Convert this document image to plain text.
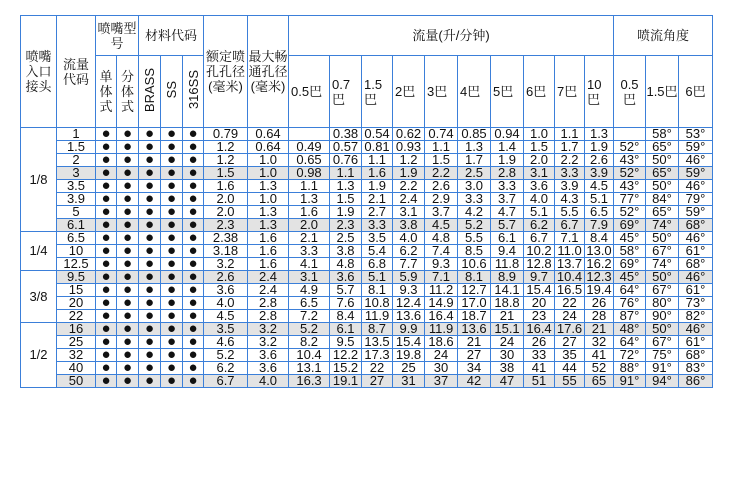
喷嘴入口接头	流量代码	喷嘴型号		材料代码			额定喷孔孔径(毫米)	最大畅通孔径(毫米)	流量(升/分钟)										喷流角度		
		单体式	分体式	BRASS	SS	316SS			0.5巴	0.7巴	1.5巴	2巴	3巴	4巴	5巴	6巴	7巴	10巴	0.5巴	1.5巴	6巴
1/8	1	●	●	●	●	●	0.79	0.64		0.38	0.54	0.62	0.74	0.85	0.94	1.0	1.1	1.3		58°	53°
	1.5	●	●	●	●	●	1.2	0.64	0.49	0.57	0.81	0.93	1.1	1.3	1.4	1.5	1.7	1.9	52°	65°	59°
	2	●	●	●	●	●	1.2	1.0	0.65	0.76	1.1	1.2	1.5	1.7	1.9	2.0	2.2	2.6	43°	50°	46°
	3	●	●	●	●	●	1.5	1.0	0.98	1.1	1.6	1.9	2.2	2.5	2.8	3.1	3.3	3.9	52°	65°	59°
	3.5	●	●	●	●	●	1.6	1.3	1.1	1.3	1.9	2.2	2.6	3.0	3.3	3.6	3.9	4.5	43°	50°	46°
	3.9	●	●	●	●	●	2.0	1.0	1.3	1.5	2.1	2.4	2.9	3.3	3.7	4.0	4.3	5.1	77°	84°	79°
	5	●	●	●	●	●	2.0	1.3	1.6	1.9	2.7	3.1	3.7	4.2	4.7	5.1	5.5	6.5	52°	65°	59°
	6.1	●	●	●	●	●	2.3	1.3	2.0	2.3	3.3	3.8	4.5	5.2	5.7	6.2	6.7	7.9	69°	74°	68°
1/4	6.5	●	●	●	●	●	2.38	1.6	2.1	2.5	3.5	4.0	4.8	5.5	6.1	6.7	7.1	8.4	45°	50°	46°
	10	●	●	●	●	●	3.18	1.6	3.3	3.8	5.4	6.2	7.4	8.5	9.4	10.2	11.0	13.0	58°	67°	61°
	12.5	●	●	●	●	●	3.2	1.6	4.1	4.8	6.8	7.7	9.3	10.6	11.8	12.8	13.7	16.2	69°	74°	68°
3/8	9.5	●	●	●	●	●	2.6	2.4	3.1	3.6	5.1	5.9	7.1	8.1	8.9	9.7	10.4	12.3	45°	50°	46°
	15	●	●	●	●	●	3.6	2.4	4.9	5.7	8.1	9.3	11.2	12.7	14.1	15.4	16.5	19.4	64°	67°	61°
	20	●	●	●	●	●	4.0	2.8	6.5	7.6	10.8	12.4	14.9	17.0	18.8	20	22	26	76°	80°	73°
	22	●	●	●	●	●	4.5	2.8	7.2	8.4	11.9	13.6	16.4	18.7	21	23	24	28	87°	90°	82°
1/2	16	●	●	●	●	●	3.5	3.2	5.2	6.1	8.7	9.9	11.9	13.6	15.1	16.4	17.6	21	48°	50°	46°
	25	●	●	●	●	●	4.6	3.2	8.2	9.5	13.5	15.4	18.6	21	24	26	27	32	64°	67°	61°
	32	●	●	●	●	●	5.2	3.6	10.4	12.2	17.3	19.8	24	27	30	33	35	41	72°	75°	68°
	40	●	●	●	●	●	6.2	3.6	13.1	15.2	22	25	30	34	38	41	44	52	88°	91°	83°
	50	●	●	●	●	●	6.7	4.0	16.3	19.1	27	31	37	42	47	51	55	65	91°	94°	86°
